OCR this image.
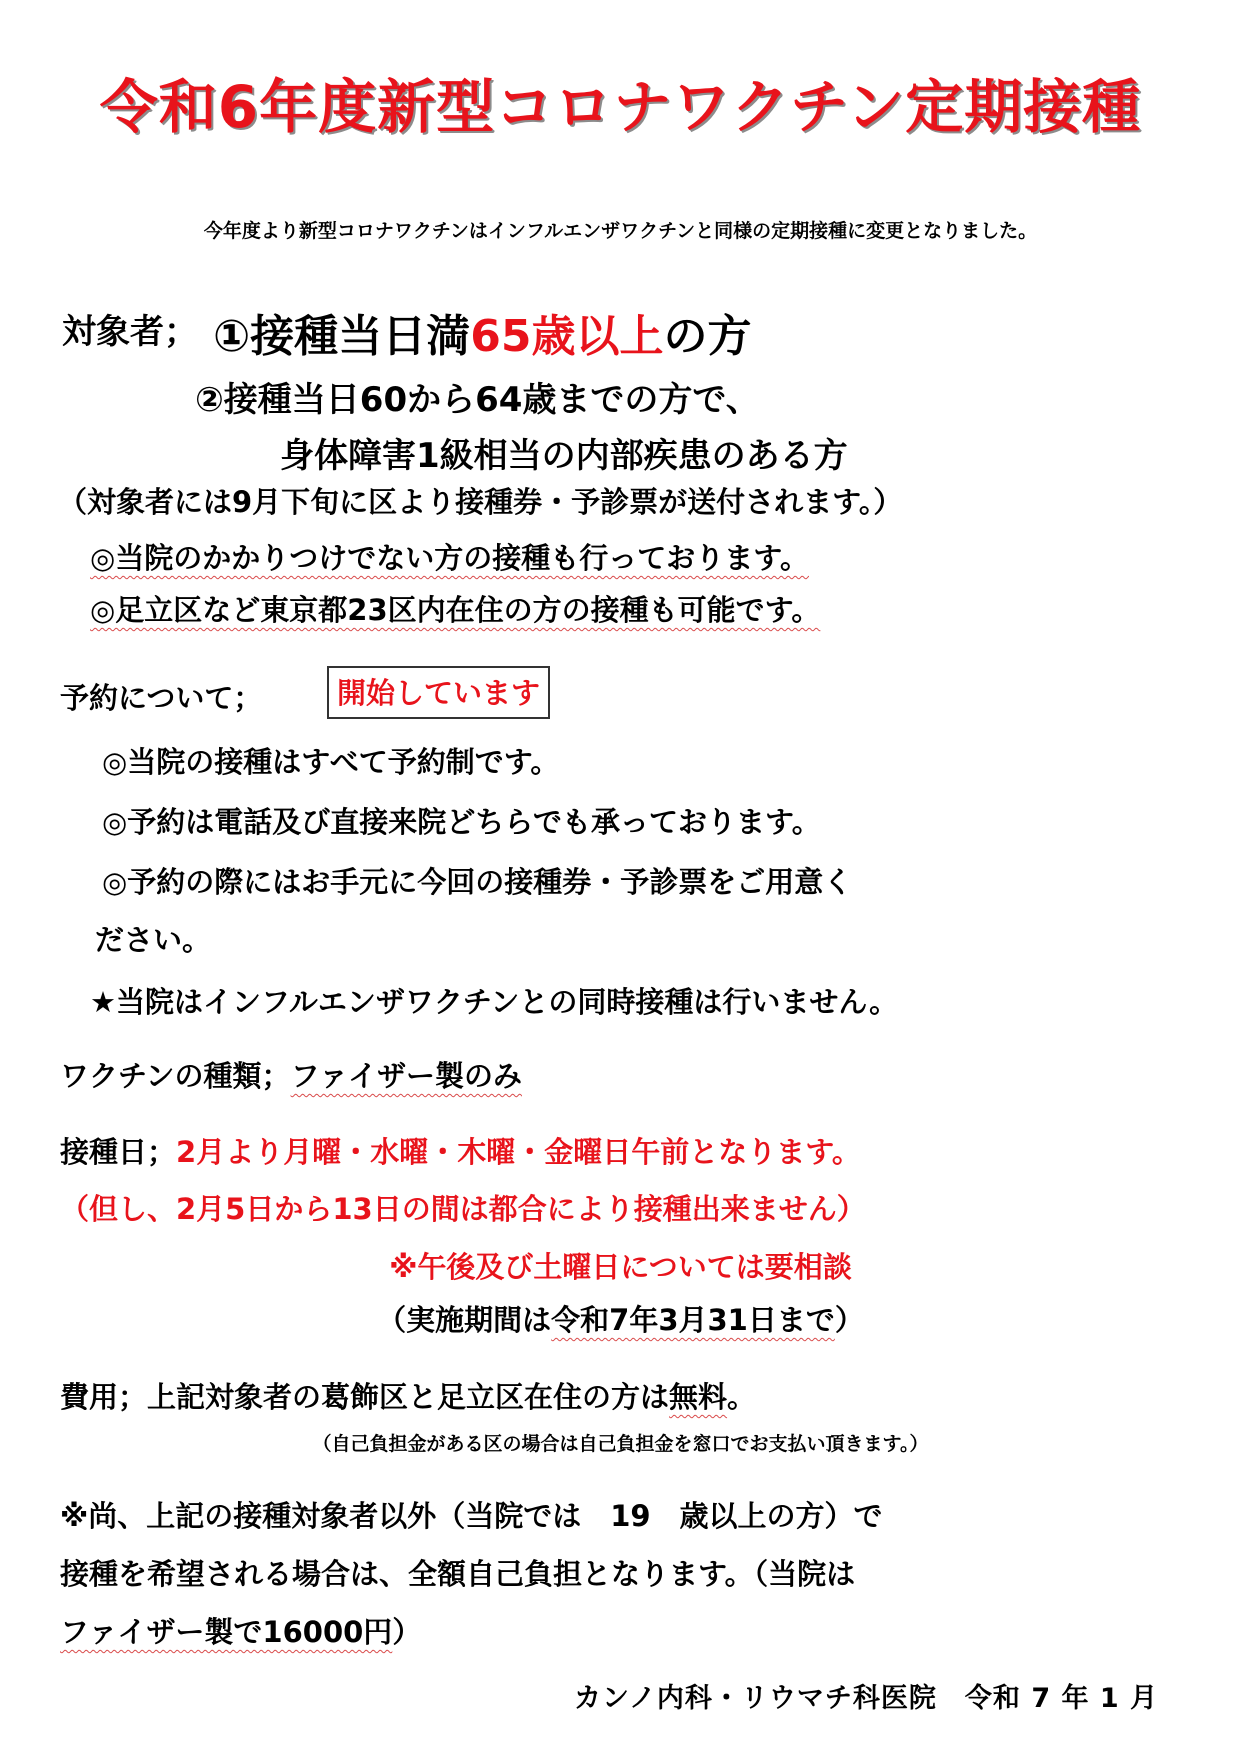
令和6年度新型コロナワクチン定期接種
今年度より新型コロナワクチンはインフルエンザワクチンと同様の定期接種に変更となりました。
対象者； ①接種当日満65歳以上の方
②接種当日60から64歳までの方で、
身体障害1級相当の内部疾患のある方
（対象者には9月下旬に区より接種券・予診票が送付されます。）
◎当院のかかりつけでない方の接種も行っております。
◎足立区など東京都23区内在住の方の接種も可能です。
予約について；	開始しています
◎当院の接種はすべて予約制です。
◎予約は電話及び直接来院どちらでも承っております。
◎予約の際にはお手元に今回の接種券・予診票をご用意く
ださい。
★当院はインフルエンザワクチンとの同時接種は行いません。
ワクチンの種類；ファイザー製のみ
接種日；2月より月曜・水曜・木曜・金曜日午前となります。
（但し、2月5日から13日の間は都合により接種出来ません）
※午後及び土曜日については要相談
（実施期間は令和7年3月31日まで）
費用；上記対象者の葛飾区と足立区在住の方は無料。
（自己負担金がある区の場合は自己負担金を窓口でお支払い頂きます。）
※尚、上記の接種対象者以外（当院では　19　歳以上の方）で
接種を希望される場合は、全額自己負担となります。（当院は
ファイザー製で16000円）
カンノ内科・リウマチ科医院　令和 7 年 1 月
